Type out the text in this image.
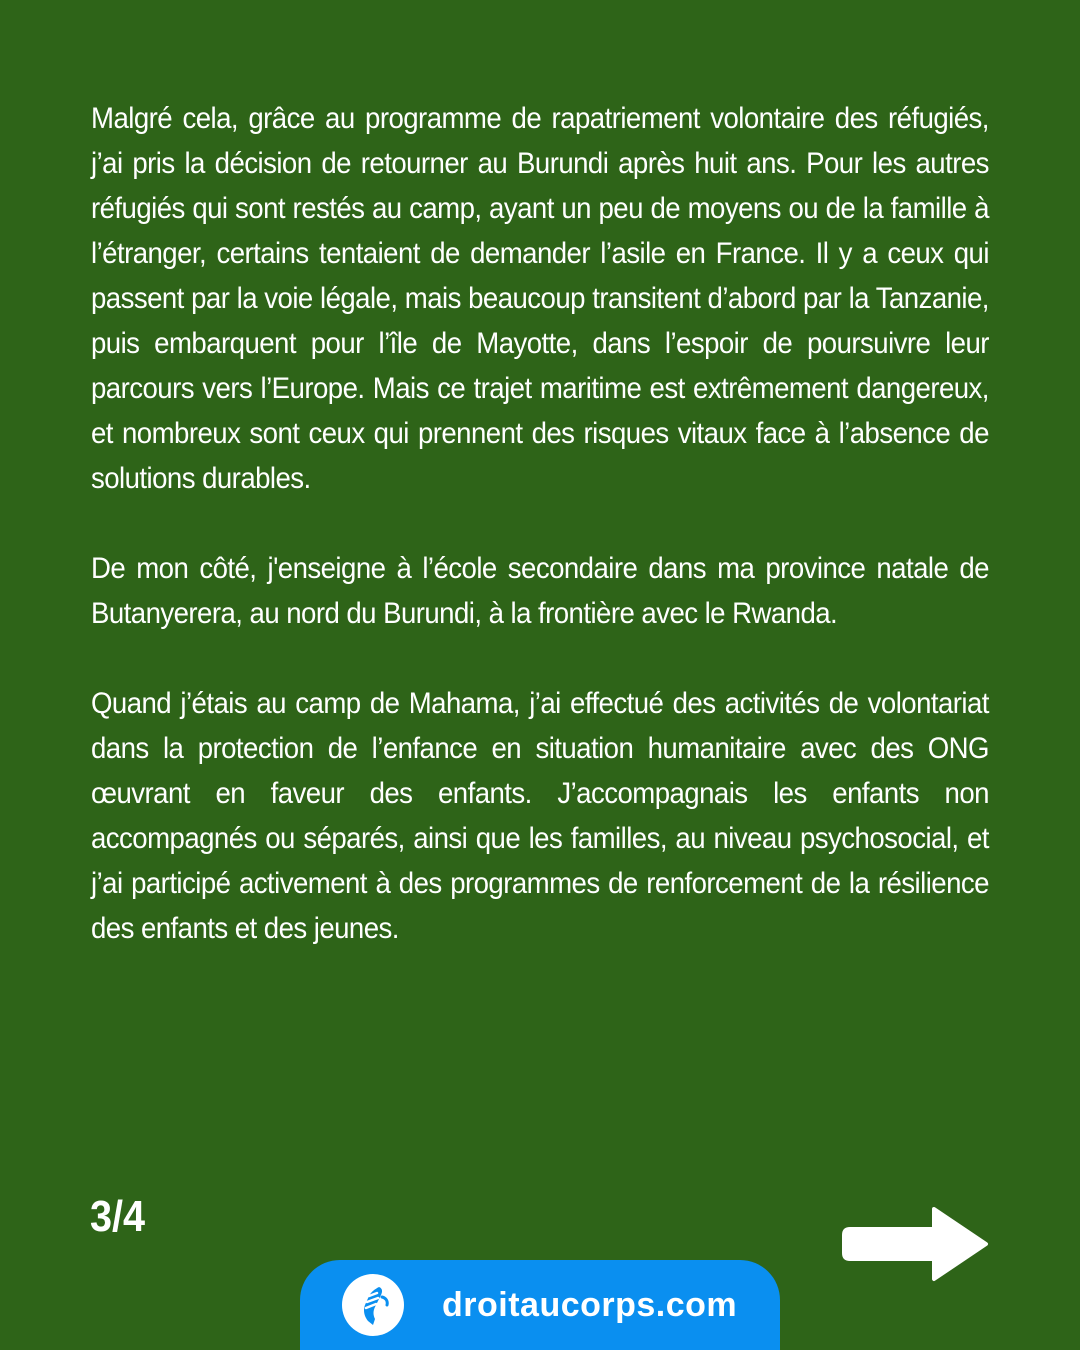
Malgré cela, grâce au programme de rapatriement volontaire des réfugiés, j’ai pris la décision de retourner au Burundi après huit ans. Pour les autres réfugiés qui sont restés au camp, ayant un peu de moyens ou de la famille à l’étranger, certains tentaient de demander l’asile en France. Il y a ceux qui passent par la voie légale, mais beaucoup transitent d’abord par la Tanzanie, puis embarquent pour l’île de Mayotte, dans l’espoir de poursuivre leur parcours vers l’Europe. Mais ce trajet maritime est extrêmement dangereux, et nombreux sont ceux qui prennent des risques vitaux face à l’absence de solutions durables.

De mon côté, j'enseigne à l’école secondaire dans ma province natale de Butanyerera, au nord du Burundi, à la frontière avec le Rwanda.

Quand j’étais au camp de Mahama, j’ai effectué des activités de volontariat dans la protection de l’enfance en situation humanitaire avec des ONG œuvrant en faveur des enfants. J’accompagnais les enfants non accompagnés ou séparés, ainsi que les familles, au niveau psychosocial, et j’ai participé activement à des programmes de renforcement de la résilience des enfants et des jeunes.

3/4
droitaucorps.com
